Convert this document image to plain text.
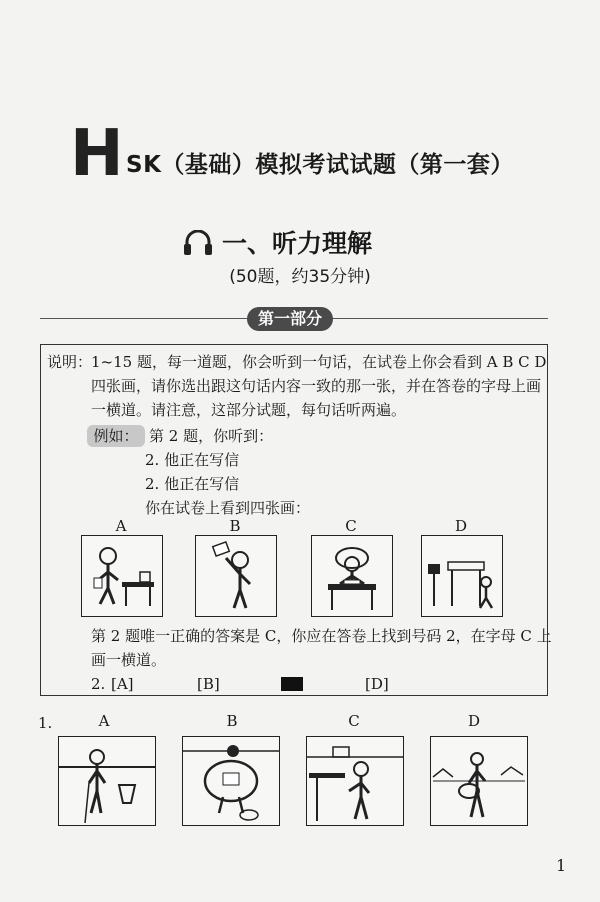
H SK（基础）模拟考试试题（第一套）
一、听力理解
(50题，约35分钟)
第一部分
说明：
1~15 题，每一道题，你会听到一句话，在试卷上你会看到 A B C D
四张画，请你选出跟这句话内容一致的那一张，并在答卷的字母上画
一横道。请注意，这部分试题，每句话听两遍。
例如： 第 2 题，你听到：
2. 他正在写信
2. 他正在写信
你在试卷上看到四张画：
A	B	C	D
第 2 题唯一正确的答案是 C，你应在答卷上找到号码 2，在字母 C 上
画一横道。
2. [A]	[B]	[D]
1.	A	B	C	D
1
